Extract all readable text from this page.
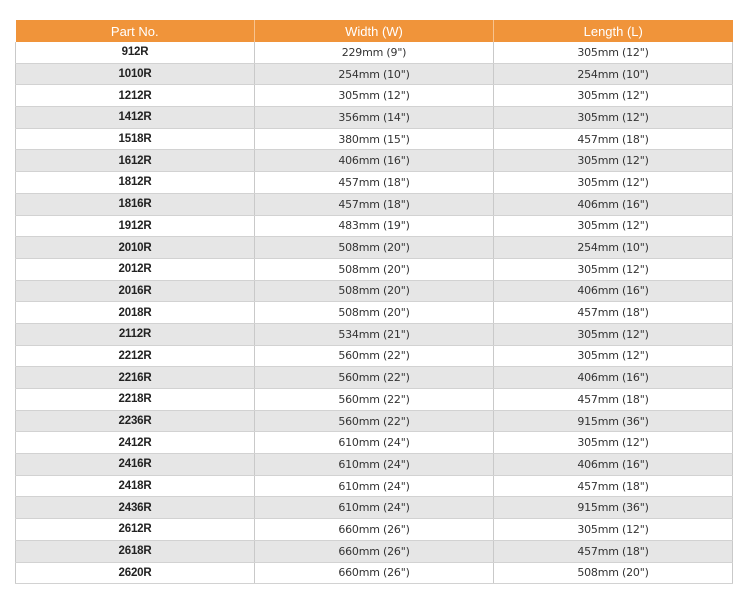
Part No.	Width (W)	Length (L)
912R	229mm (9")	305mm (12")
1010R	254mm (10")	254mm (10")
1212R	305mm (12")	305mm (12")
1412R	356mm (14")	305mm (12")
1518R	380mm (15")	457mm (18")
1612R	406mm (16")	305mm (12")
1812R	457mm (18")	305mm (12")
1816R	457mm (18")	406mm (16")
1912R	483mm (19")	305mm (12")
2010R	508mm (20")	254mm (10")
2012R	508mm (20")	305mm (12")
2016R	508mm (20")	406mm (16")
2018R	508mm (20")	457mm (18")
2112R	534mm (21")	305mm (12")
2212R	560mm (22")	305mm (12")
2216R	560mm (22")	406mm (16")
2218R	560mm (22")	457mm (18")
2236R	560mm (22")	915mm (36")
2412R	610mm (24")	305mm (12")
2416R	610mm (24")	406mm (16")
2418R	610mm (24")	457mm (18")
2436R	610mm (24")	915mm (36")
2612R	660mm (26")	305mm (12")
2618R	660mm (26")	457mm (18")
2620R	660mm (26")	508mm (20")
